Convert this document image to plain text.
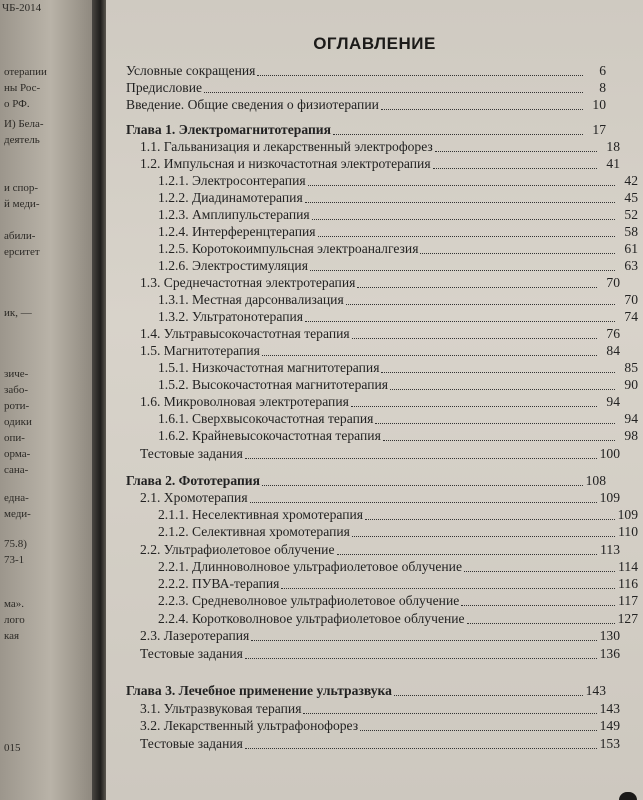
ЧБ-2014
отерапии
ны Рос-
о РФ.
И) Бела-
деятель
и спор-
й меди-
абили-
ерситет
ик, —
зиче-
забо-
роти-
одики
опи-
орма-
сана-
една-
меди-
75.8)
73-1
ма».
лого
кая
015
ОГЛАВЛЕНИЕ
Условные сокращения	6
Предисловие	8
Введение. Общие сведения о физиотерапии	10
Глава 1. Электромагнитотерапия	17
1.1. Гальванизация и лекарственный электрофорез	18
1.2. Импульсная и низкочастотная электротерапия	41
1.2.1. Электросонтерапия	42
1.2.2. Диадинамотерапия	45
1.2.3. Амплипульстерапия	52
1.2.4. Интерференцтерапия	58
1.2.5. Коротокоимпульсная электроаналгезия	61
1.2.6. Электростимуляция	63
1.3. Среднечастотная электротерапия	70
1.3.1. Местная дарсонвализация	70
1.3.2. Ультратонотерапия	74
1.4. Ультравысокочастотная терапия	76
1.5. Магнитотерапия	84
1.5.1. Низкочастотная магнитотерапия	85
1.5.2. Высокочастотная магнитотерапия	90
1.6. Микроволновая электротерапия	94
1.6.1. Сверхвысокочастотная терапия	94
1.6.2. Крайневысокочастотная терапия	98
Тестовые задания	100
Глава 2. Фототерапия	108
2.1. Хромотерапия	109
2.1.1. Неселективная хромотерапия	109
2.1.2. Селективная хромотерапия	110
2.2. Ультрафиолетовое облучение	113
2.2.1. Длинноволновое ультрафиолетовое облучение	114
2.2.2. ПУВА-терапия	116
2.2.3. Средневолновое ультрафиолетовое облучение	117
2.2.4. Коротковолновое ультрафиолетовое облучение	127
2.3. Лазеротерапия	130
Тестовые задания	136
Глава 3. Лечебное применение ультразвука	143
3.1. Ультразвуковая терапия	143
3.2. Лекарственный ультрафонофорез	149
Тестовые задания	153
